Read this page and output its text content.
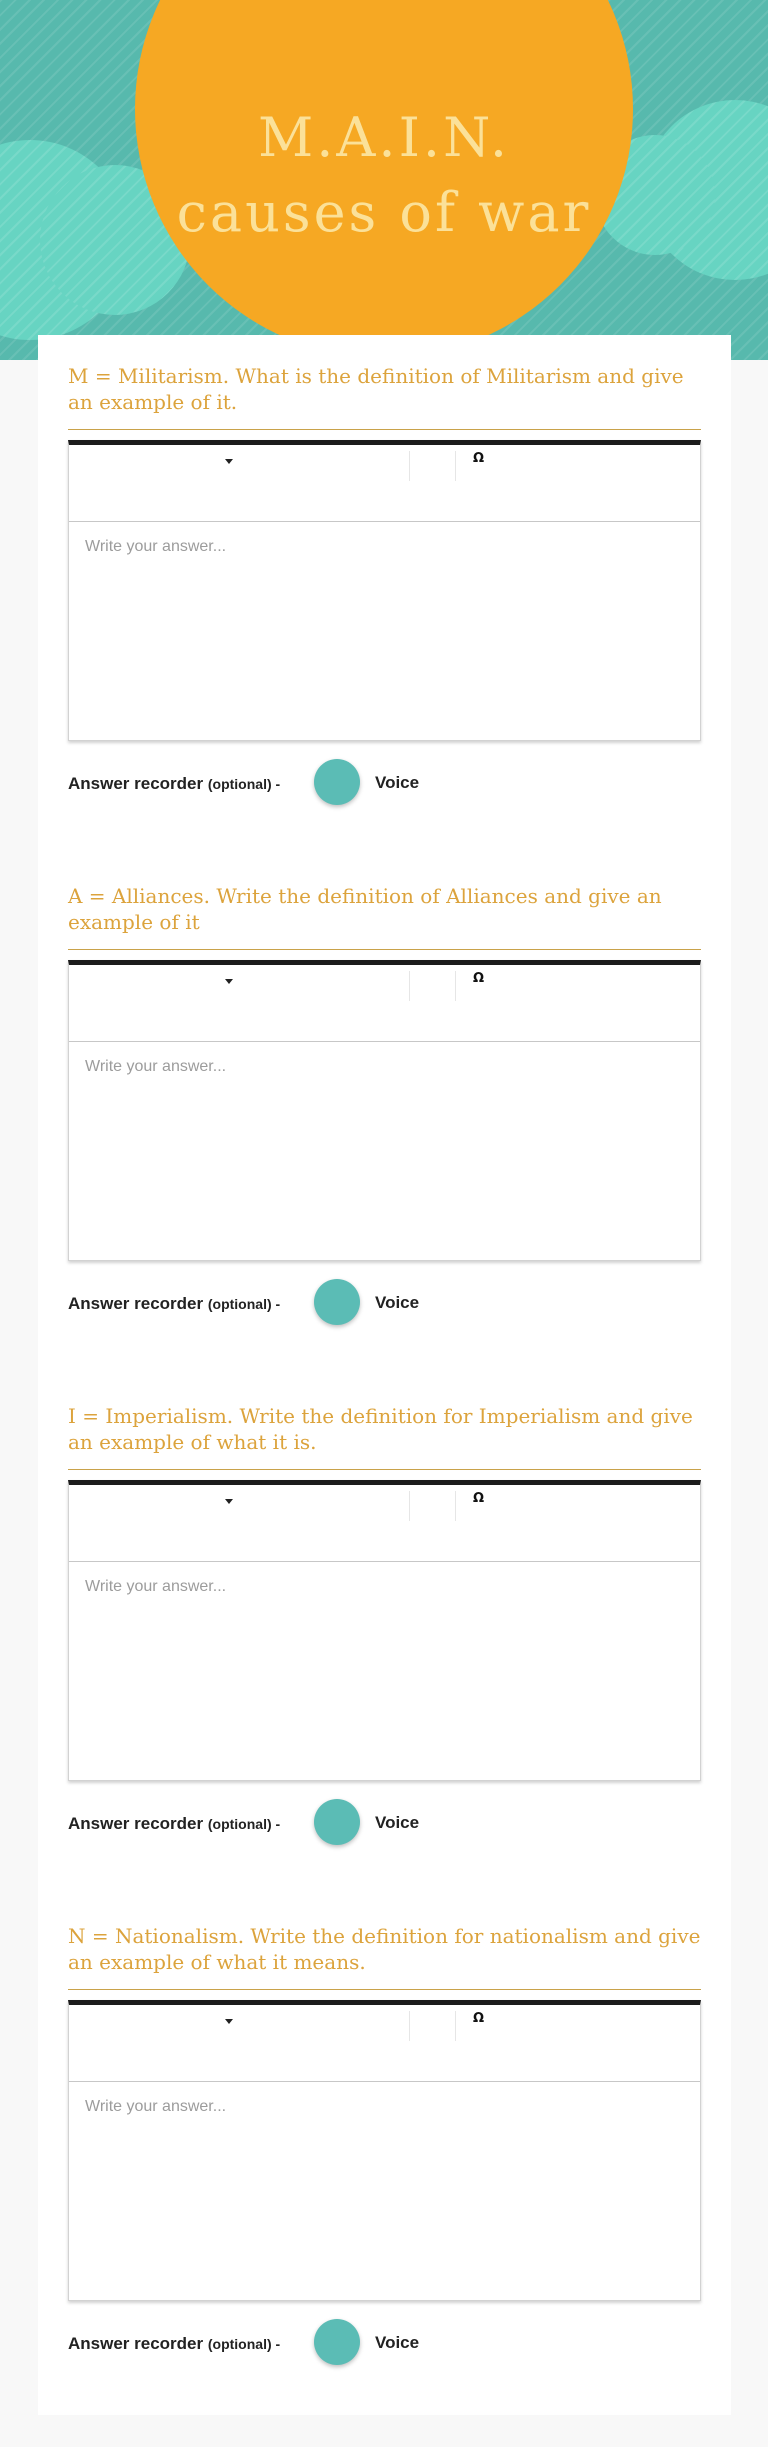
M.A.I.N.
causes of war
M = Militarism. What is the definition of Militarism and give an example of it.
Ω
Write your answer...
Answer recorder (optional) -	Voice
A = Alliances. Write the definition of Alliances and give an example of it
Ω
Write your answer...
Answer recorder (optional) -	Voice
I = Imperialism. Write the definition for Imperialism and give an example of what it is.
Ω
Write your answer...
Answer recorder (optional) -	Voice
N = Nationalism. Write the definition for nationalism and give an example of what it means.
Ω
Write your answer...
Answer recorder (optional) -	Voice
